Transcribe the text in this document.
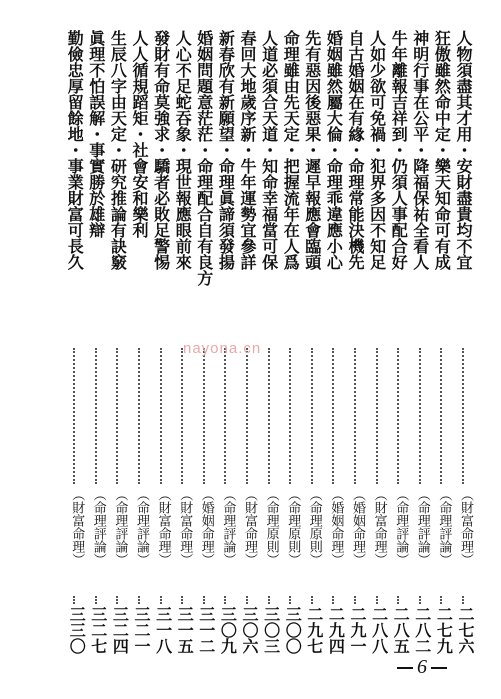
人物須盡其才用・安財盡貴均不宜
（財富命理）
二七六
狂傲雖然命中定・樂天知命可有成
（命理評論）
二七九
神明行事在公平・降福保祐全看人
（命理評論）
二八二
牛年離報吉祥到・仍須人事配合好
（命理評論）
二八五
人如少欲可免禍・犯界多因不知足
（財富命理）
二八八
自古婚姻在有緣・命理常能決機先
（婚姻命理）
二九一
婚姻雖然屬大倫・命理乖違應小心
（婚姻命理）
二九四
先有惡因後惡果・遲早報應會臨頭
（命理原則）
二九七
命理雖由先天定・把握流年在人爲
（命理原則）
三〇〇
人道必須合天道・知命幸福當可保
（命理原則）
三〇三
春回大地歲序新・牛年運勢宜參詳
（財富命理）
三〇六
新春欣有新願望・命理眞諦須發揚
（命理評論）
三〇九
婚姻問題意茫茫・命理配合自有良方
（婚姻命理）
三一二
人心不足蛇吞象・現世報應眼前來
（財富命理）
三一五
發財有命莫強求・驕者必敗足警惕
（財富命理）
三一八
人人循規蹈矩・社會安和樂利
（命理評論）
三二一
生辰八字由天定・研究推論有訣竅
（命理評論）
三二四
眞理不怕誤解・事實勝於雄辯
（命理評論）
三二七
勤儉忠厚留餘地・事業財富可長久
（財富命理）
三三〇
nayona.cn
6
